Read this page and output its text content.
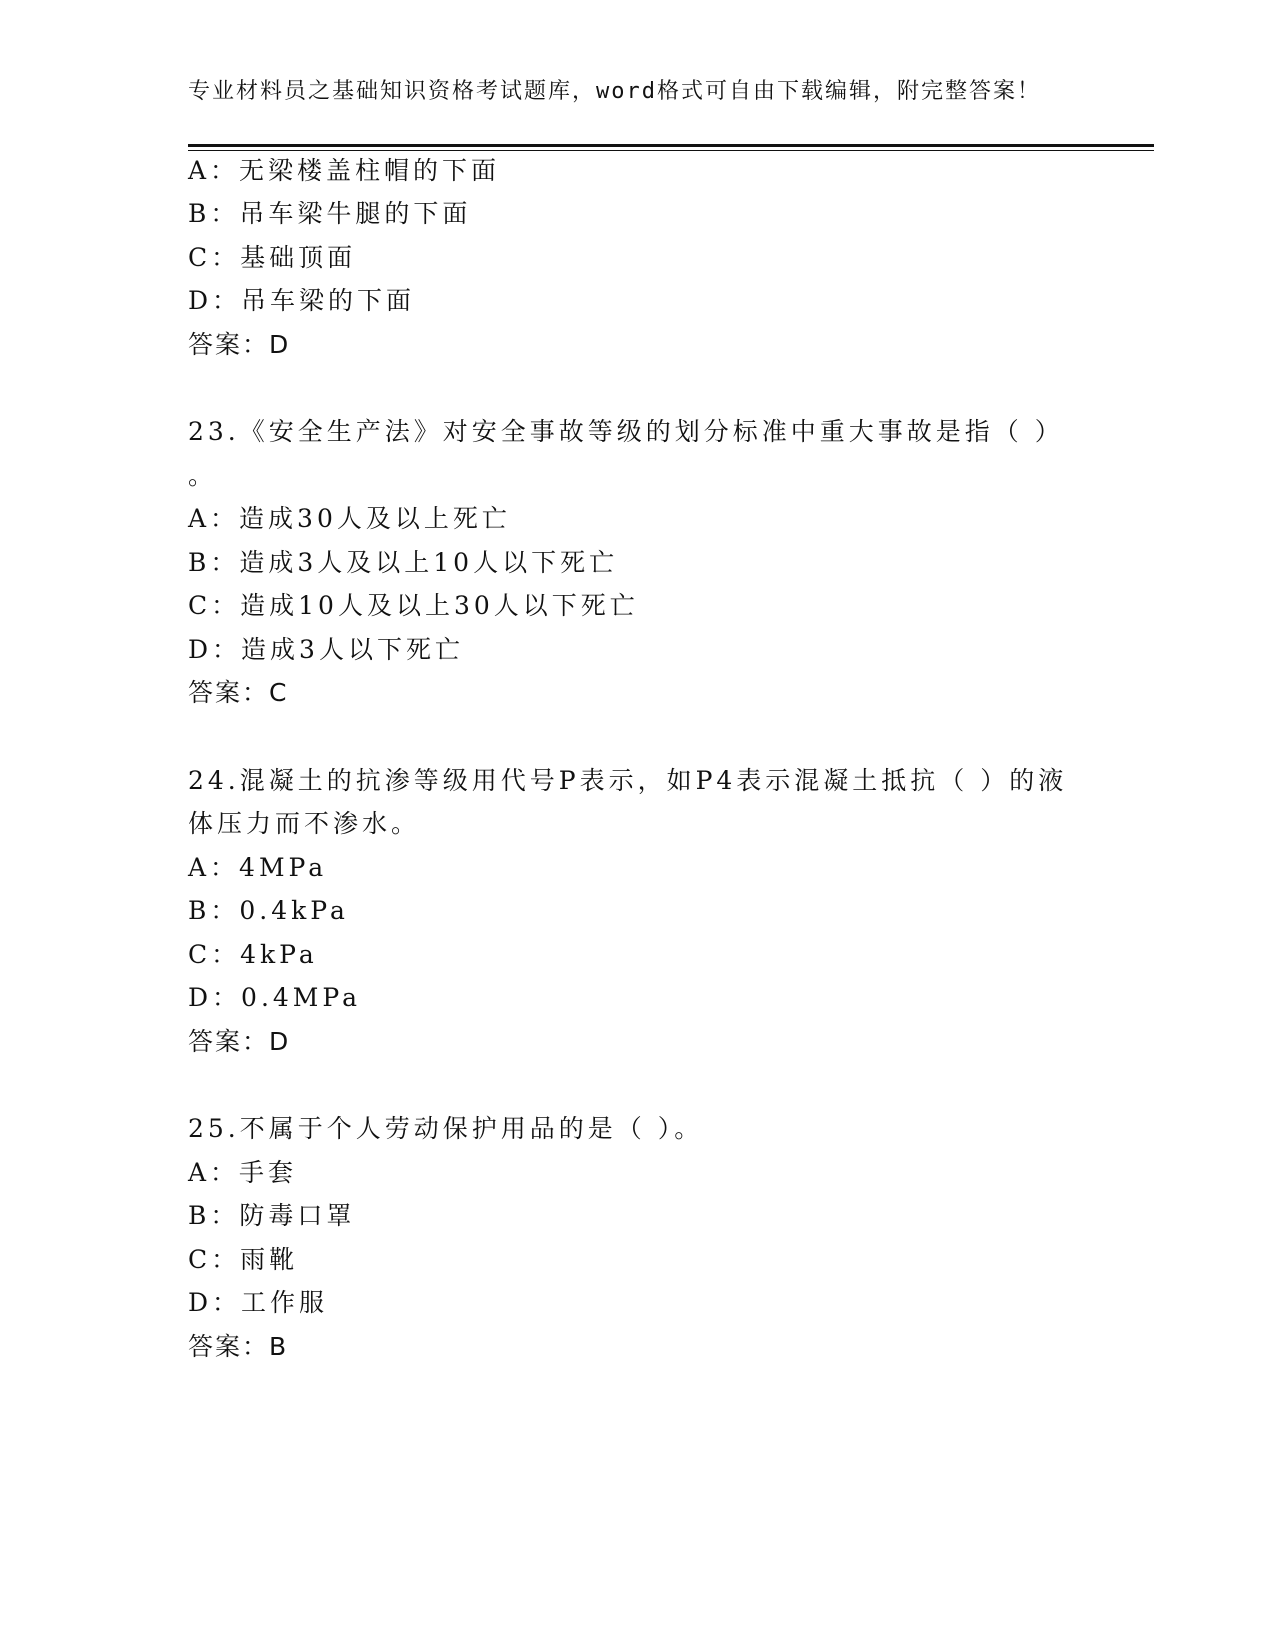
专业材料员之基础知识资格考试题库，word格式可自由下载编辑，附完整答案！
A：无梁楼盖柱帽的下面
B：吊车梁牛腿的下面
C：基础顶面
D：吊车梁的下面
答案：D
23.《安全生产法》对安全事故等级的划分标准中重大事故是指（ ）
。
A：造成30人及以上死亡
B：造成3人及以上10人以下死亡
C：造成10人及以上30人以下死亡
D：造成3人以下死亡
答案：C
24.混凝土的抗渗等级用代号P表示，如P4表示混凝土抵抗（ ）的液
体压力而不渗水。
A：4MPa
B：0.4kPa
C：4kPa
D：0.4MPa
答案：D
25.不属于个人劳动保护用品的是（ ）。
A：手套
B：防毒口罩
C：雨靴
D：工作服
答案：B
